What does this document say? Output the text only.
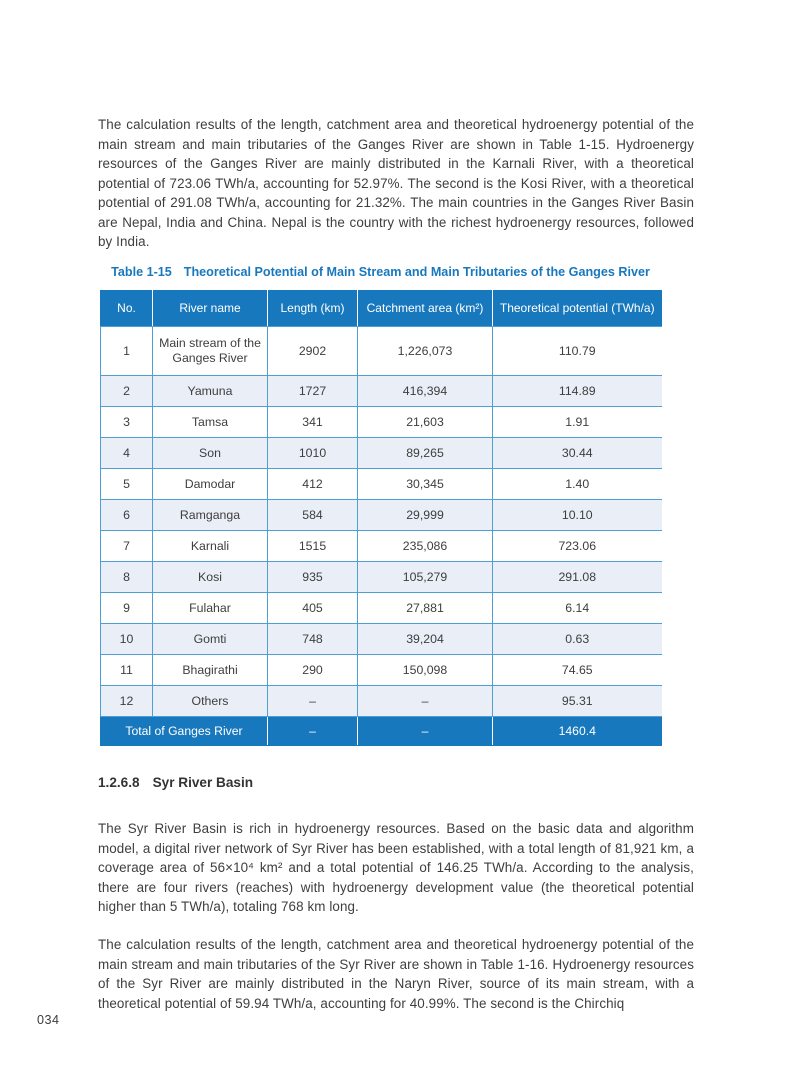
The calculation results of the length, catchment area and theoretical hydroenergy potential of the main stream and main tributaries of the Ganges River are shown in Table 1-15. Hydroenergy resources of the Ganges River are mainly distributed in the Karnali River, with a theoretical potential of 723.06 TWh/a, accounting for 52.97%. The second is the Kosi River, with a theoretical potential of 291.08 TWh/a, accounting for 21.32%. The main countries in the Ganges River Basin are Nepal, India and China. Nepal is the country with the richest hydroenergy resources, followed by India.

Table 1-15 Theoretical Potential of Main Stream and Main Tributaries of the Ganges River
No.	River name	Length (km)	Catchment area (km²)	Theoretical potential (TWh/a)
1	Main stream of the Ganges River	2902	1,226,073	110.79
2	Yamuna	1727	416,394	114.89
3	Tamsa	341	21,603	1.91
4	Son	1010	89,265	30.44
5	Damodar	412	30,345	1.40
6	Ramganga	584	29,999	10.10
7	Karnali	1515	235,086	723.06
8	Kosi	935	105,279	291.08
9	Fulahar	405	27,881	6.14
10	Gomti	748	39,204	0.63
11	Bhagirathi	290	150,098	74.65
12	Others	–	–	95.31
Total of Ganges River		–	–	1460.4
1.2.6.8 Syr River Basin

The Syr River Basin is rich in hydroenergy resources. Based on the basic data and algorithm model, a digital river network of Syr River has been established, with a total length of 81,921 km, a coverage area of 56×10⁴ km² and a total potential of 146.25 TWh/a. According to the analysis, there are four rivers (reaches) with hydroenergy development value (the theoretical potential higher than 5 TWh/a), totaling 768 km long.

The calculation results of the length, catchment area and theoretical hydroenergy potential of the main stream and main tributaries of the Syr River are shown in Table 1-16. Hydroenergy resources of the Syr River are mainly distributed in the Naryn River, source of its main stream, with a theoretical potential of 59.94 TWh/a, accounting for 40.99%. The second is the Chirchiq

034
